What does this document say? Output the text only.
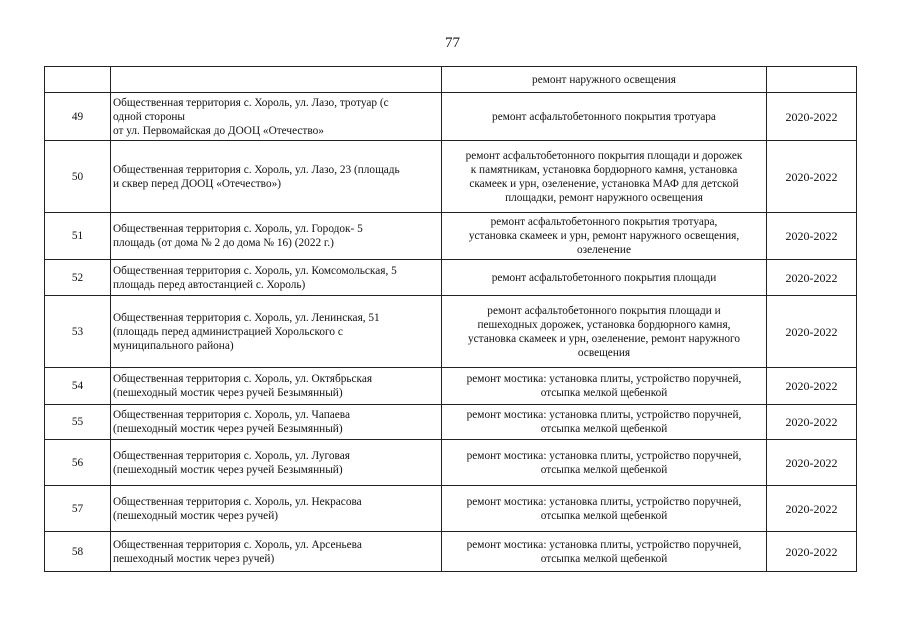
77

		ремонт наружного освещения	

49	Общественная территория с. Хороль, ул. Лазо, тротуар (с
одной стороны
от ул. Первомайская до ДООЦ «Отечество»	ремонт асфальтобетонного покрытия тротуара	2020-2022
50	Общественная территория с. Хороль, ул. Лазо, 23 (площадь
и сквер перед ДООЦ «Отечество»)	ремонт асфальтобетонного покрытия площади и дорожек
к памятникам, установка бордюрного камня, установка
скамеек и урн, озеленение, установка МАФ для детской
площадки, ремонт наружного освещения	2020-2022
51	Общественная территория с. Хороль, ул. Городок- 5
площадь (от дома № 2 до дома № 16) (2022 г.)	ремонт асфальтобетонного покрытия тротуара,
установка скамеек и урн, ремонт наружного освещения,
озеленение	2020-2022
52	Общественная территория с. Хороль, ул. Комсомольская, 5
площадь перед автостанцией с. Хороль)	ремонт асфальтобетонного покрытия площади	2020-2022
53	Общественная территория с. Хороль, ул. Ленинская, 51
(площадь перед администрацией Хорольского с
муниципального района)	ремонт асфальтобетонного покрытия площади и
пешеходных дорожек, установка бордюрного камня,
установка скамеек и урн, озеленение, ремонт наружного
освещения	2020-2022
54	Общественная территория с. Хороль, ул. Октябрьская
(пешеходный мостик через ручей Безымянный)	ремонт мостика: установка плиты, устройство поручней,
отсыпка мелкой щебенкой	2020-2022
55	Общественная территория с. Хороль, ул. Чапаева
(пешеходный мостик через ручей Безымянный)	ремонт мостика: установка плиты, устройство поручней,
отсыпка мелкой щебенкой	2020-2022
56	Общественная территория с. Хороль, ул. Луговая
(пешеходный мостик через ручей Безымянный)	ремонт мостика: установка плиты, устройство поручней,
отсыпка мелкой щебенкой	2020-2022
57	Общественная территория с. Хороль, ул. Некрасова
(пешеходный мостик через ручей)	ремонт мостика: установка плиты, устройство поручней,
отсыпка мелкой щебенкой	2020-2022
58	Общественная территория с. Хороль, ул. Арсеньева
пешеходный мостик через ручей)	ремонт мостика: установка плиты, устройство поручней,
отсыпка мелкой щебенкой	2020-2022
